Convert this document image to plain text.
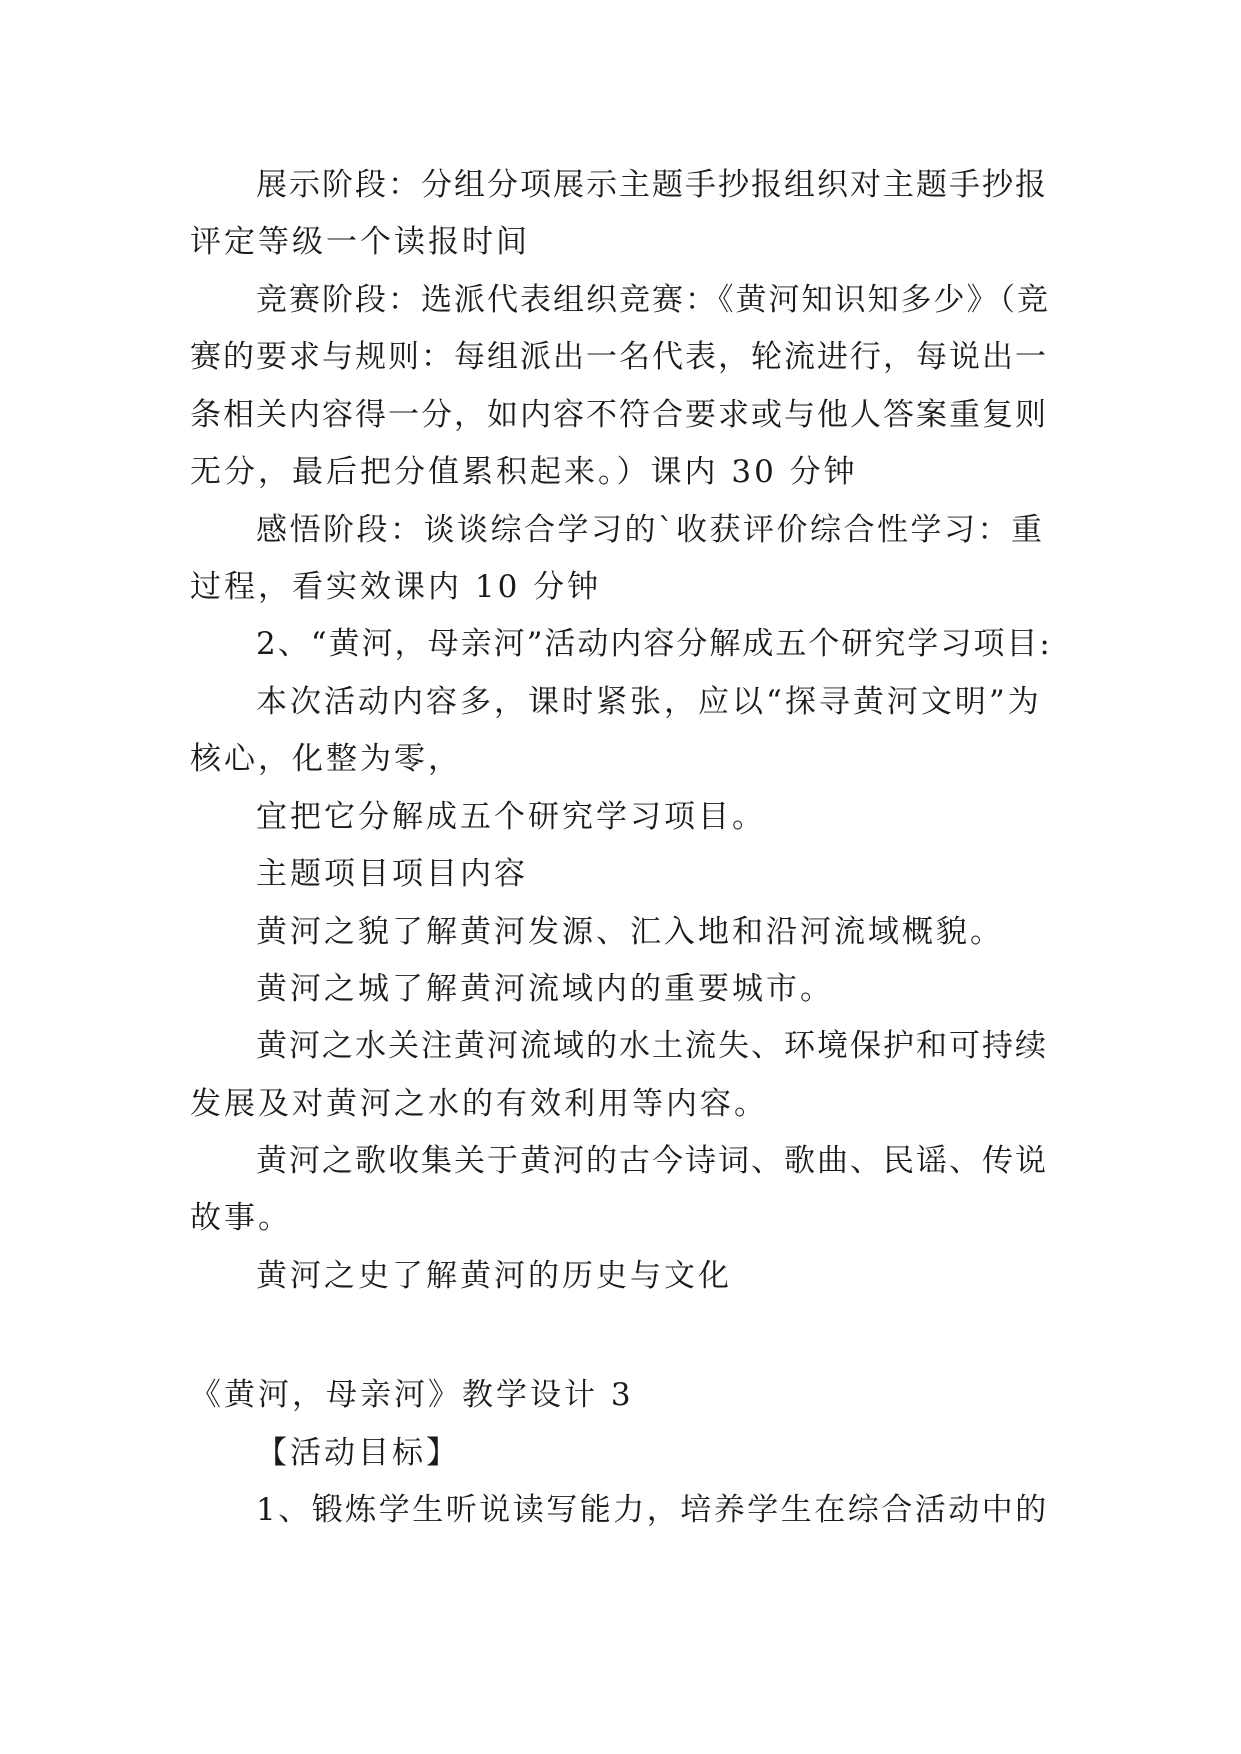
展示阶段：分组分项展示主题手抄报组织对主题手抄报
评定等级一个读报时间
竞赛阶段：选派代表组织竞赛：《黄河知识知多少》（竞
赛的要求与规则：每组派出一名代表，轮流进行，每说出一
条相关内容得一分，如内容不符合要求或与他人答案重复则
无分，最后把分值累积起来。）课内 30 分钟
感悟阶段：谈谈综合学习的`收获评价综合性学习：重
过程，看实效课内 10 分钟
2、“黄河，母亲河”活动内容分解成五个研究学习项目:
本次活动内容多，课时紧张，应以“探寻黄河文明”为
核心，化整为零，
宜把它分解成五个研究学习项目。
主题项目项目内容
黄河之貌了解黄河发源、汇入地和沿河流域概貌。
黄河之城了解黄河流域内的重要城市。
黄河之水关注黄河流域的水土流失、环境保护和可持续
发展及对黄河之水的有效利用等内容。
黄河之歌收集关于黄河的古今诗词、歌曲、民谣、传说
故事。
黄河之史了解黄河的历史与文化
《黄河，母亲河》教学设计 3
【活动目标】
1、锻炼学生听说读写能力，培养学生在综合活动中的
